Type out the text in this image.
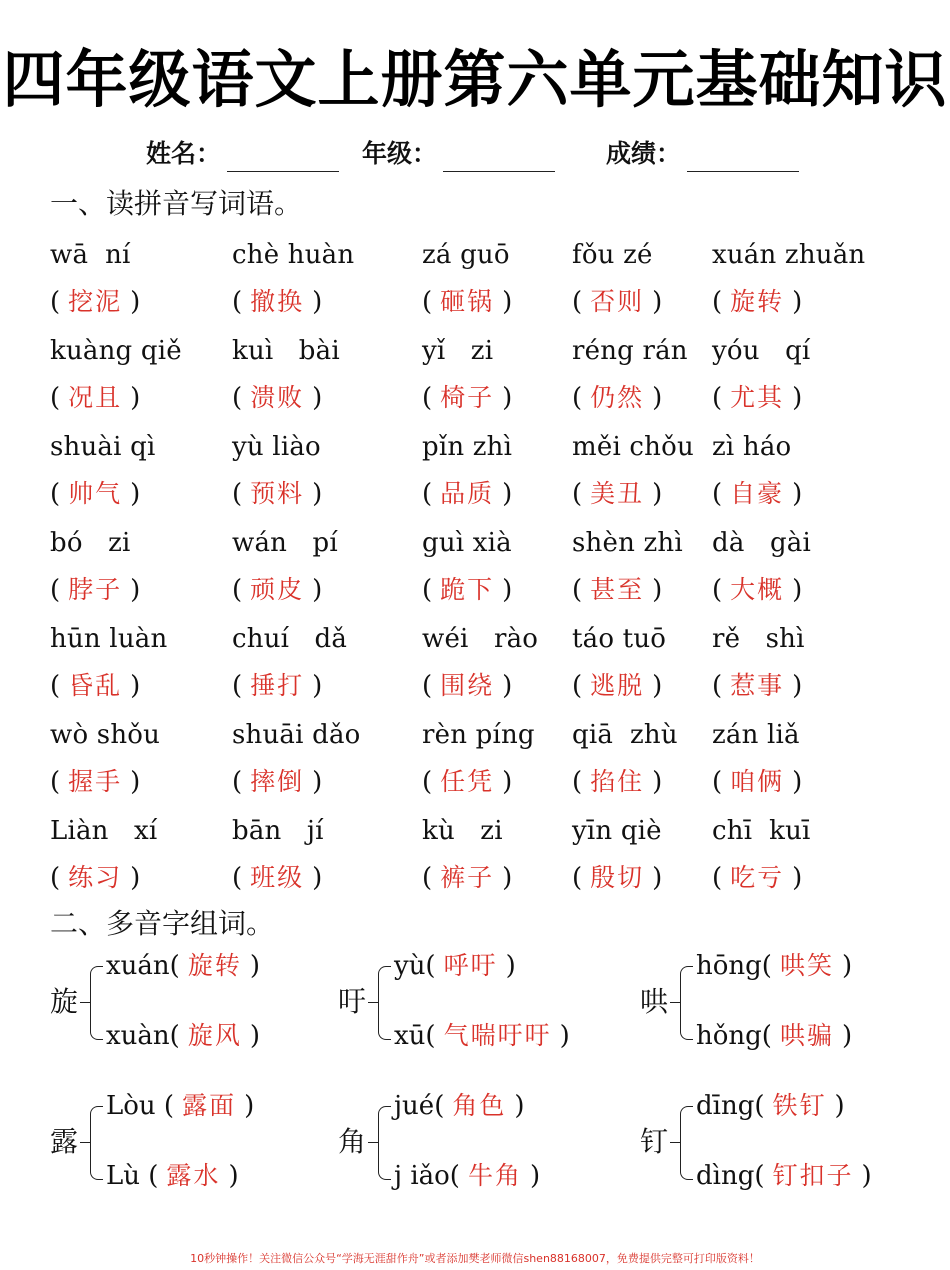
四年级语文上册第六单元基础知识
姓名：	年级：	成绩：
一、读拼音写词语。
wā  ní
( 挖泥 )
chè huàn
( 撤换 )
zá guō
( 砸锅 )
fǒu zé
( 否则 )
xuán zhuǎn
( 旋转 )
kuàng qiě
( 况且 )
kuì   bài
( 溃败 )
yǐ   zi
( 椅子 )
réng rán
( 仍然 )
yóu   qí
( 尤其 )
shuài qì
( 帅气 )
yù liào
( 预料 )
pǐn zhì
( 品质 )
měi chǒu
( 美丑 )
zì háo
( 自豪 )
bó   zi
( 脖子 )
wán   pí
( 顽皮 )
guì xià
( 跪下 )
shèn zhì
( 甚至 )
dà   gài
( 大概 )
hūn luàn
( 昏乱 )
chuí   dǎ
( 捶打 )
wéi   rào
( 围绕 )
táo tuō
( 逃脱 )
rě   shì
( 惹事 )
wò shǒu
( 握手 )
shuāi dǎo
( 摔倒 )
rèn píng
( 任凭 )
qiā  zhù
( 掐住 )
zán liǎ
( 咱俩 )
Liàn   xí
( 练习 )
bān   jí
( 班级 )
kù   zi
( 裤子 )
yīn qiè
( 殷切 )
chī  kuī
( 吃亏 )
二、多音字组词。
旋
xuán( 旋转 )
xuàn( 旋风 )
吁
yù( 呼吁 )
xū( 气喘吁吁 )
哄
hōng( 哄笑 )
hǒng( 哄骗 )
露
Lòu ( 露面 )
Lù ( 露水 )
角
jué( 角色 )
j iǎo( 牛角 )
钉
dīng( 铁钉 )
dìng( 钉扣子 )
10秒钟操作！关注微信公众号“学海无涯甜作舟”或者添加樊老师微信shen88168007，免费提供完整可打印版资料！
